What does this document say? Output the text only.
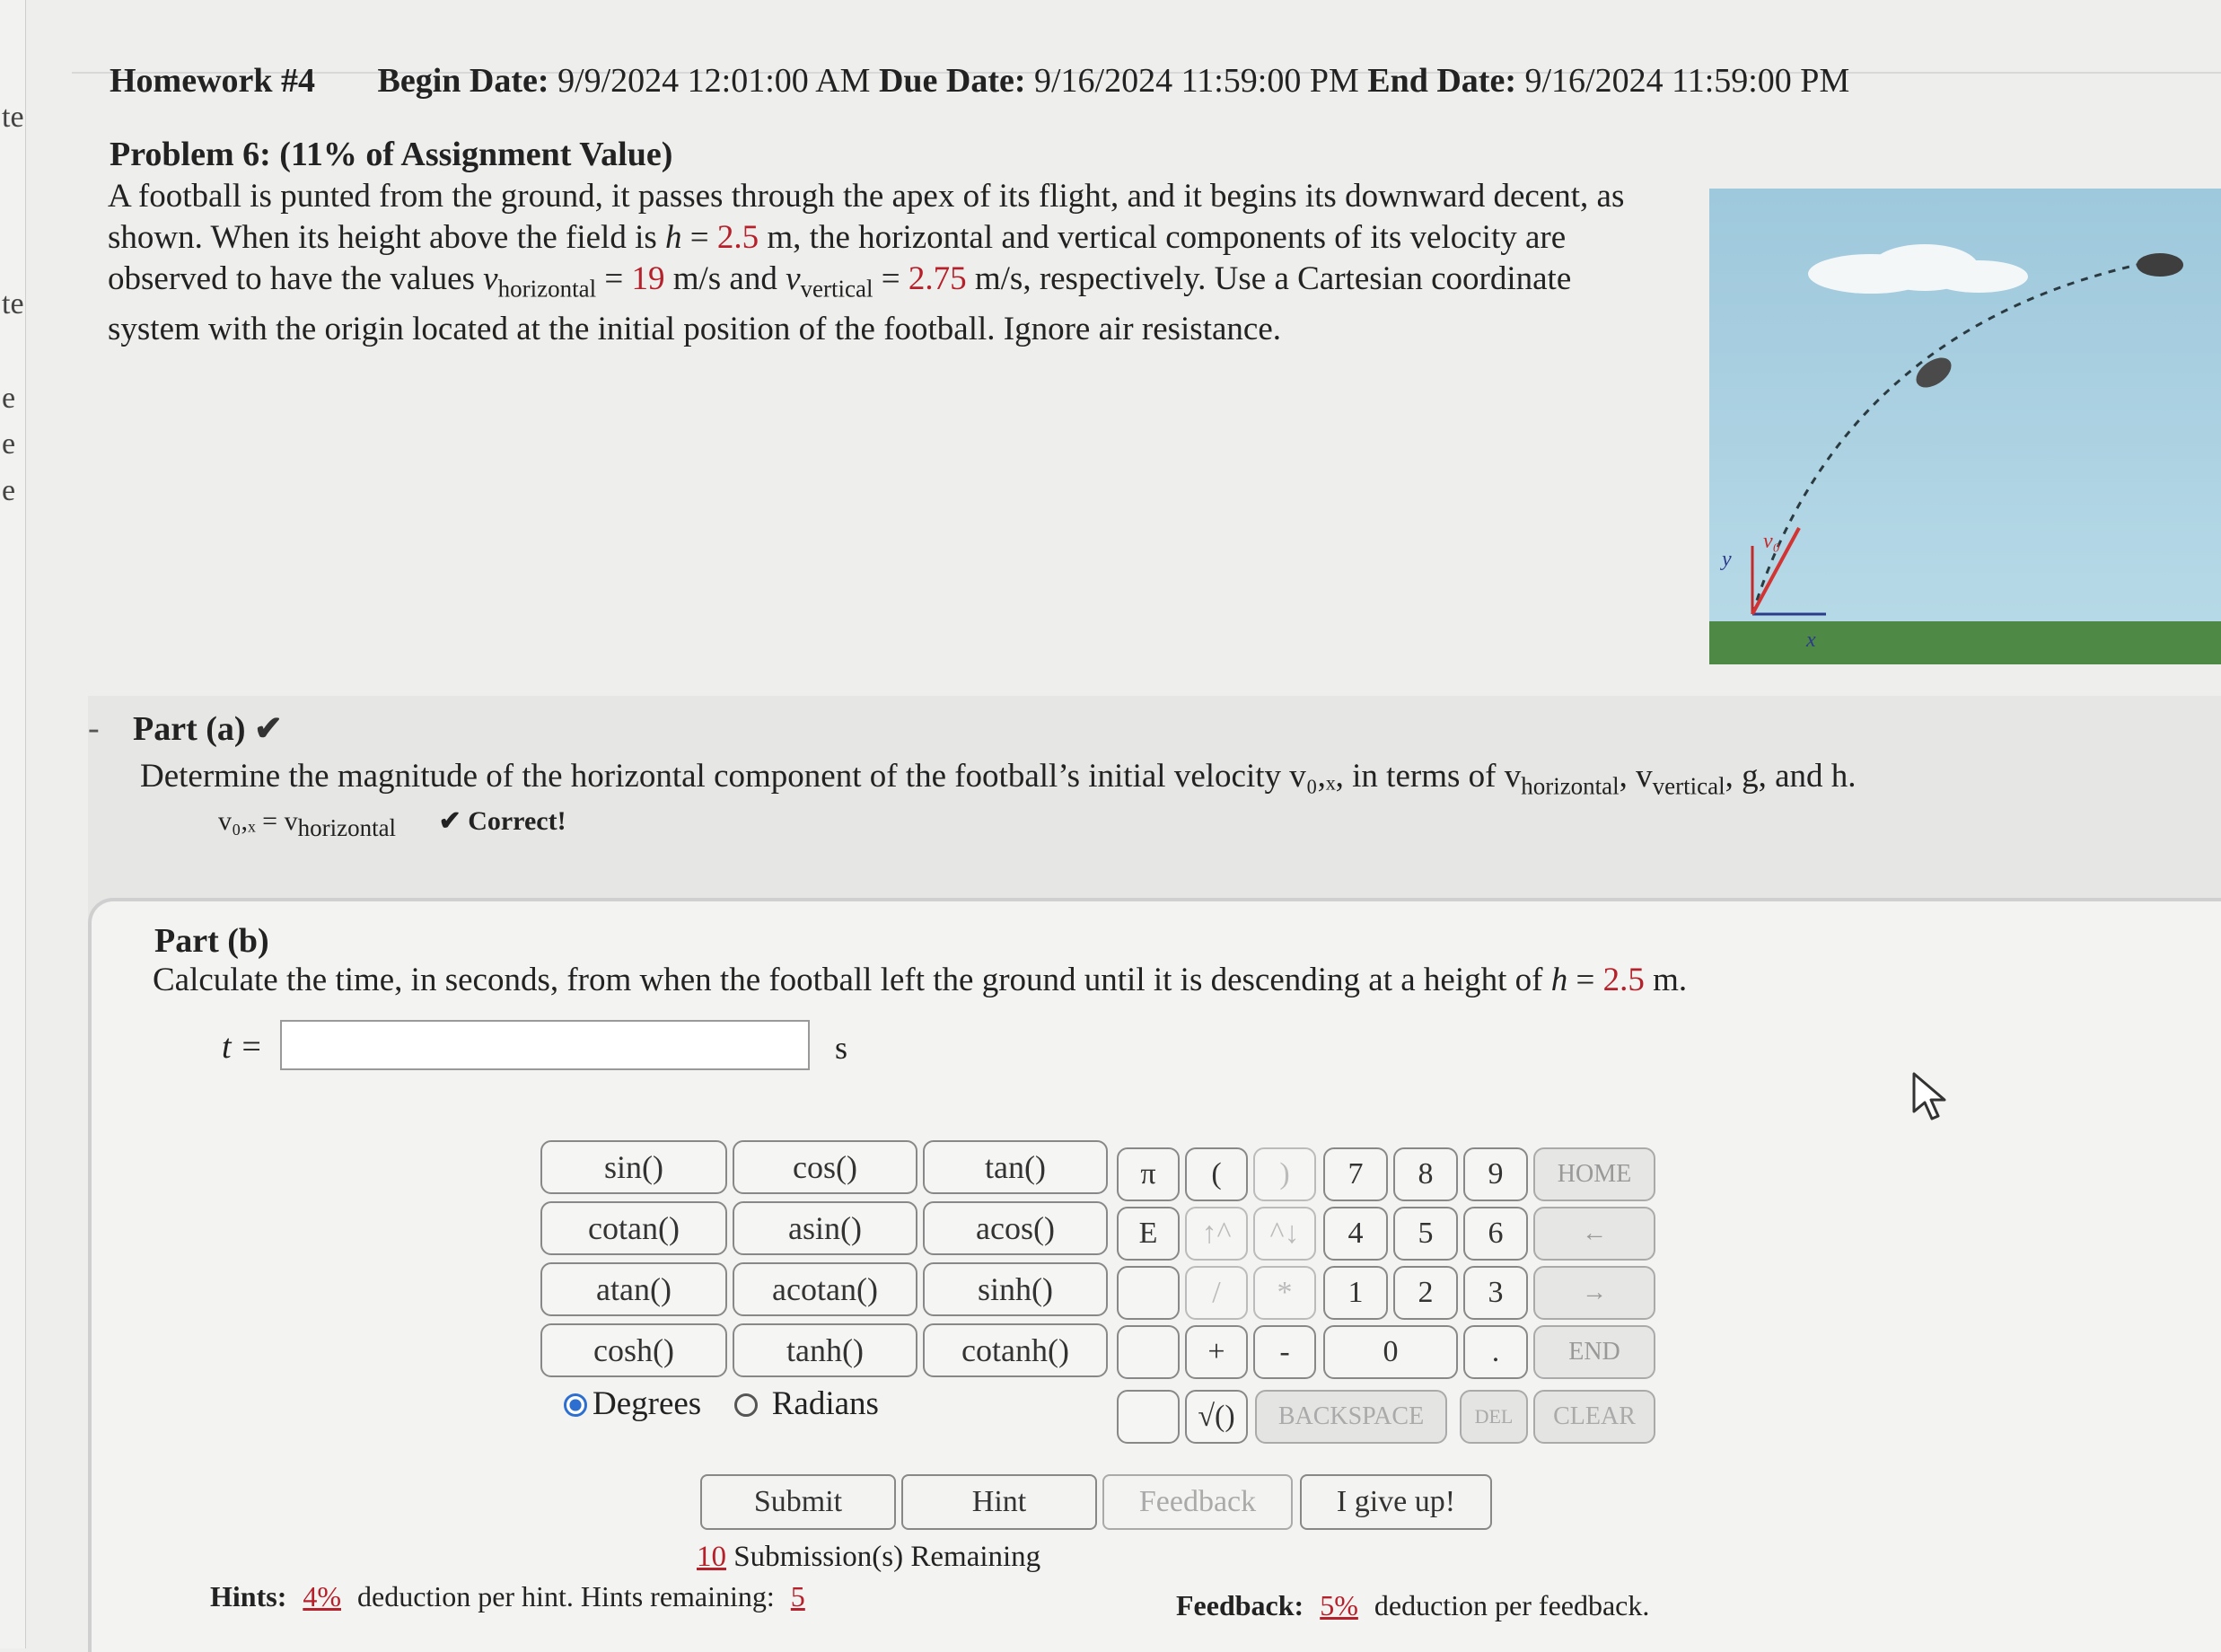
te
te
e
e
e
Homework #4 Begin Date: 9/9/2024 12:01:00 AM Due Date: 9/16/2024 11:59:00 PM End Date: 9/16/2024 11:59:00 PM
Problem 6: (11% of Assignment Value)
A football is punted from the ground, it passes through the apex of its flight, and it begins its downward decent, as shown. When its height above the field is h = 2.5 m, the horizontal and vertical components of its velocity are observed to have the values $v_{horizontal} = 19$ m/s and $v_{vertical} = 2.75$ m/s, respectively. Use a Cartesian coordinate system with the origin located at the initial position of the football. Ignore air resistance.
y
x
v₀
- Part (a) ✔
Determine the magnitude of the horizontal component of the football’s initial velocity v₀,ₓ, in terms of $v_{horizontal}$, $v_{vertical}$, g, and h.
$v_0,_x = v_{horizontal}$ ✔ Correct!
Part (b)
Calculate the time, in seconds, from when the football left the ground until it is descending at a height of h = 2.5 m.
t =	s
sin()	cos()	tan()
cotan()	asin()	acos()
atan()	acotan()	sinh()
cosh()	tanh()	cotanh()
π	(	)	7	8	9	HOME
E	↑^	^↓	4	5	6	←
/	*	1	2	3	→
+	-	0	.	END
√()	BACKSPACE	DEL	CLEAR
Degrees Radians
Submit	Hint	Feedback	I give up!
10 Submission(s) Remaining
Hints: 4% deduction per hint. Hints remaining: 5	Feedback: 5% deduction per feedback.
